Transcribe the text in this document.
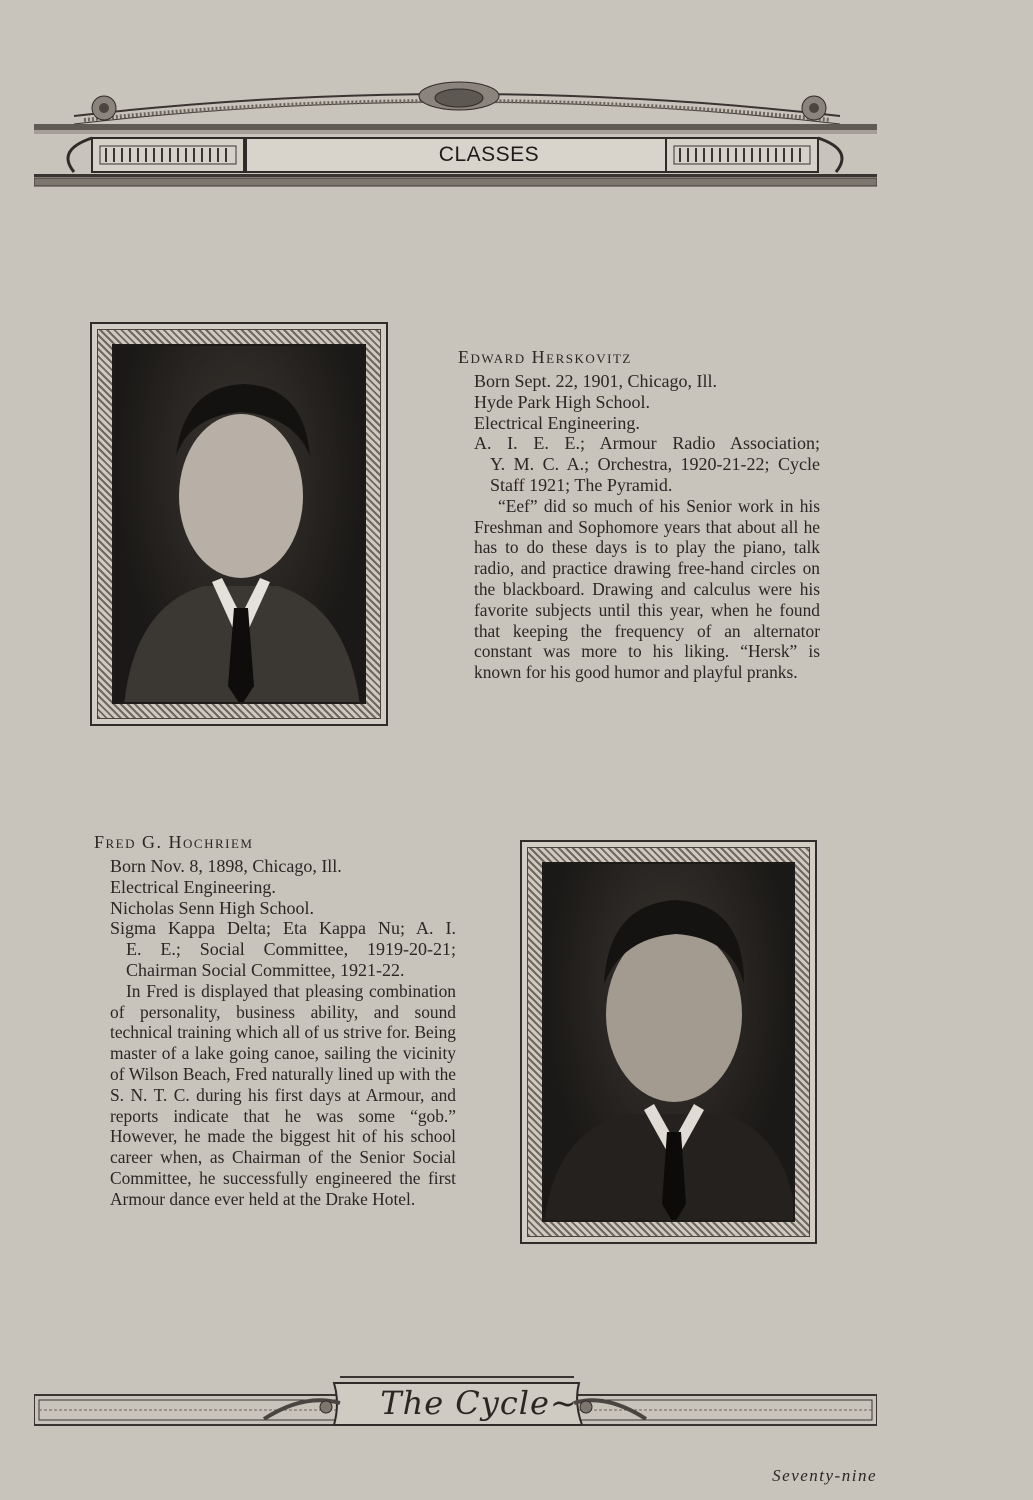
CLASSES
Edward Herskovitz
Born Sept. 22, 1901, Chicago, Ill.
Hyde Park High School.
Electrical Engineering.
A. I. E. E.; Armour Radio Association;
Y. M. C. A.; Orchestra, 1920-21-22; Cycle
Staff 1921; The Pyramid.
“Eef” did so much of his Senior work in his Freshman and Sophomore years that about all he has to do these days is to play the piano, talk radio, and practice drawing free-hand circles on the blackboard. Drawing and calculus were his favorite subjects until this year, when he found that keeping the frequency of an alternator constant was more to his liking. “Hersk” is known for his good humor and playful pranks.
Fred G. Hochriem
Born Nov. 8, 1898, Chicago, Ill.
Electrical Engineering.
Nicholas Senn High School.
Sigma Kappa Delta; Eta Kappa Nu; A. I.
E. E.; Social Committee, 1919-20-21;
Chairman Social Committee, 1921-22.
In Fred is displayed that pleasing combination of personality, business ability, and sound technical training which all of us strive for. Being master of a lake going canoe, sailing the vicinity of Wilson Beach, Fred naturally lined up with the S. N. T. C. during his first days at Armour, and reports indicate that he was some “gob.” However, he made the biggest hit of his school career when, as Chairman of the Senior Social Committee, he successfully engineered the first Armour dance ever held at the Drake Hotel.
The Cycle~
Seventy-nine
